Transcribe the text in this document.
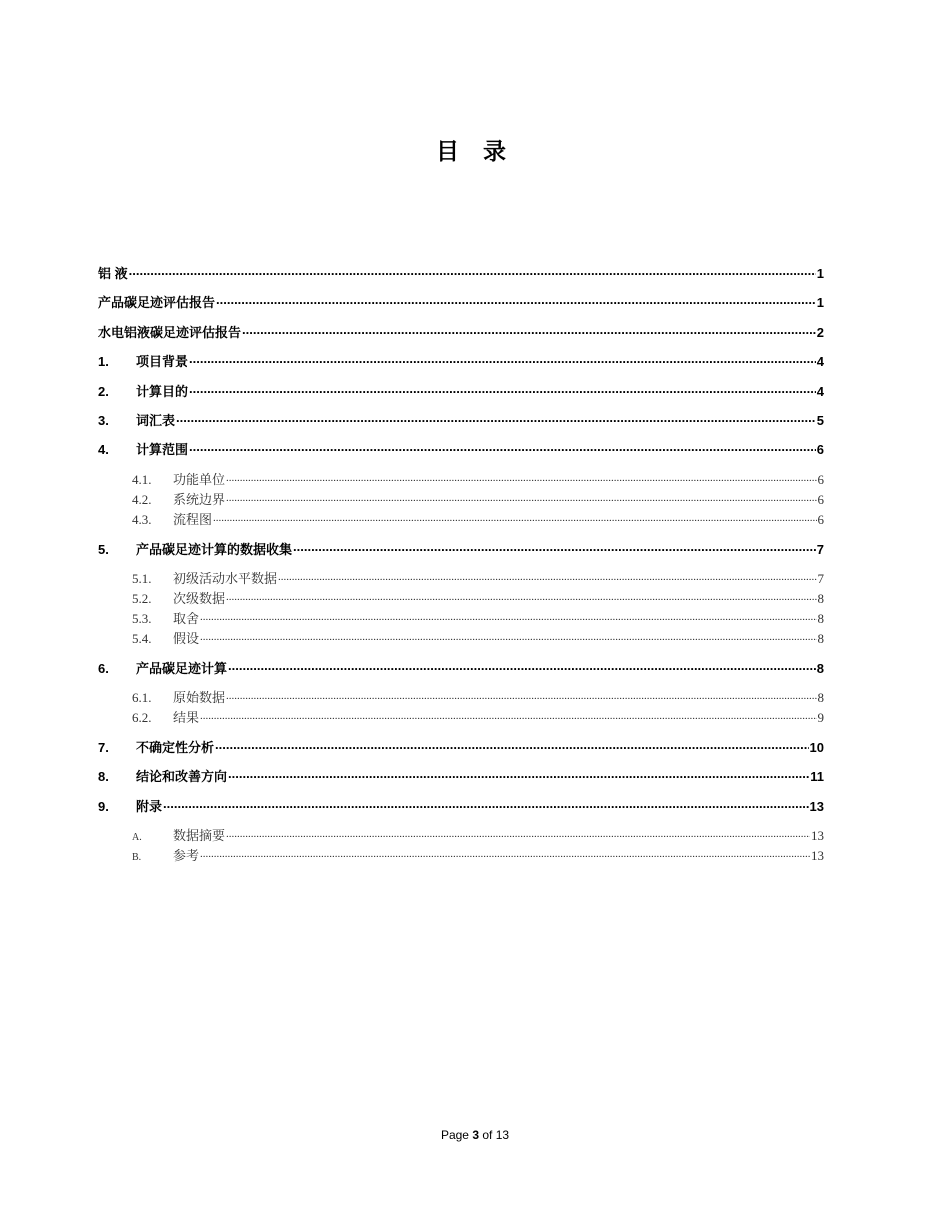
目 录
铝 液 .....	1
产品碳足迹评估报告 .....	1
水电铝液碳足迹评估报告 .....	2
1.	项目背景 .....	4
2.	计算目的 .....	4
3.	词汇表 .....	5
4.	计算范围 .....	6
4.1.	功能单位 .....	6
4.2.	系统边界 .....	6
4.3.	流程图 .....	6
5.	产品碳足迹计算的数据收集 .....	7
5.1.	初级活动水平数据 .....	7
5.2.	次级数据 .....	8
5.3.	取舍 .....	8
5.4.	假设 .....	8
6.	产品碳足迹计算 .....	8
6.1.	原始数据 .....	8
6.2.	结果 .....	9
7.	不确定性分析 .....	10
8.	结论和改善方向 .....	11
9.	附录 .....	13
A.	数据摘要 .....	13
B.	参考 .....	13
Page 3 of 13
